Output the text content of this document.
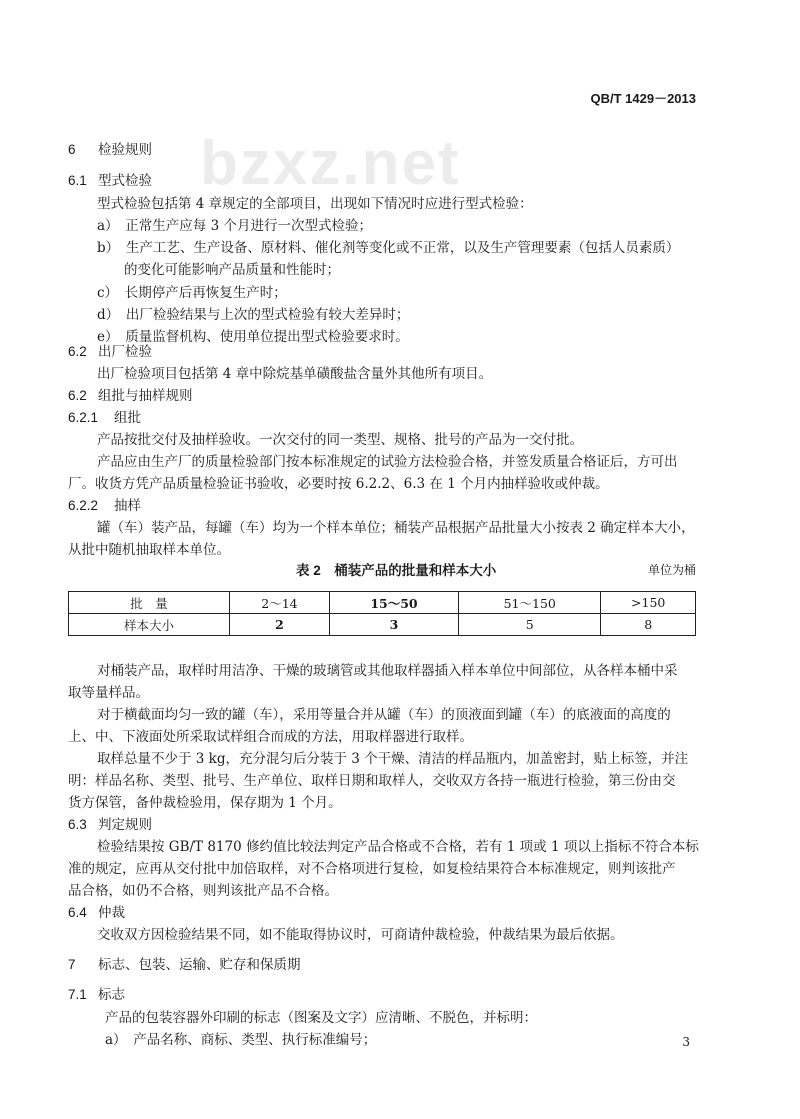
bzxz.net
QB/T 1429－2013
6 检验规则
6.1 型式检验
型式检验包括第 4 章规定的全部项目，出现如下情况时应进行型式检验：
a）　正常生产应每 3 个月进行一次型式检验；
b）　生产工艺、生产设备、原材料、催化剂等变化或不正常，以及生产管理要素（包括人员素质）
的变化可能影响产品质量和性能时；
c）　长期停产后再恢复生产时；
d）　出厂检验结果与上次的型式检验有较大差异时；
e）　质量监督机构、使用单位提出型式检验要求时。
6.2 出厂检验
出厂检验项目包括第 4 章中除烷基单磺酸盐含量外其他所有项目。
6.2 组批与抽样规则
6.2.1 组批
产品按批交付及抽样验收。一次交付的同一类型、规格、批号的产品为一交付批。
产品应由生产厂的质量检验部门按本标准规定的试验方法检验合格，并签发质量合格证后，方可出
厂。收货方凭产品质量检验证书验收，必要时按 6.2.2、6.3 在 1 个月内抽样验收或仲裁。
6.2.2 抽样
罐（车）装产品，每罐（车）均为一个样本单位；桶装产品根据产品批量大小按表 2 确定样本大小，
从批中随机抽取样本单位。
表 2　桶装产品的批量和样本大小	单位为桶
批　量	2～14	15～50	51～150	>150
样本大小	2	3	5	8
对桶装产品，取样时用洁净、干燥的玻璃管或其他取样器插入样本单位中间部位，从各样本桶中采
取等量样品。
对于横截面均匀一致的罐（车），采用等量合并从罐（车）的顶液面到罐（车）的底液面的高度的
上、中、下液面处所采取试样组合而成的方法，用取样器进行取样。
取样总量不少于 3 kg，充分混匀后分装于 3 个干燥、清洁的样品瓶内，加盖密封，贴上标签，并注
明：样品名称、类型、批号、生产单位、取样日期和取样人，交收双方各持一瓶进行检验，第三份由交
货方保管，备仲裁检验用，保存期为 1 个月。
6.3 判定规则
检验结果按 GB/T 8170 修约值比较法判定产品合格或不合格，若有 1 项或 1 项以上指标不符合本标
准的规定，应再从交付批中加倍取样，对不合格项进行复检，如复检结果符合本标准规定，则判该批产
品合格，如仍不合格，则判该批产品不合格。
6.4 仲裁
交收双方因检验结果不同，如不能取得协议时，可商请仲裁检验，仲裁结果为最后依据。
7 标志、包装、运输、贮存和保质期
7.1 标志
产品的包装容器外印刷的标志（图案及文字）应清晰、不脱色，并标明：
a）　产品名称、商标、类型、执行标准编号；	3
